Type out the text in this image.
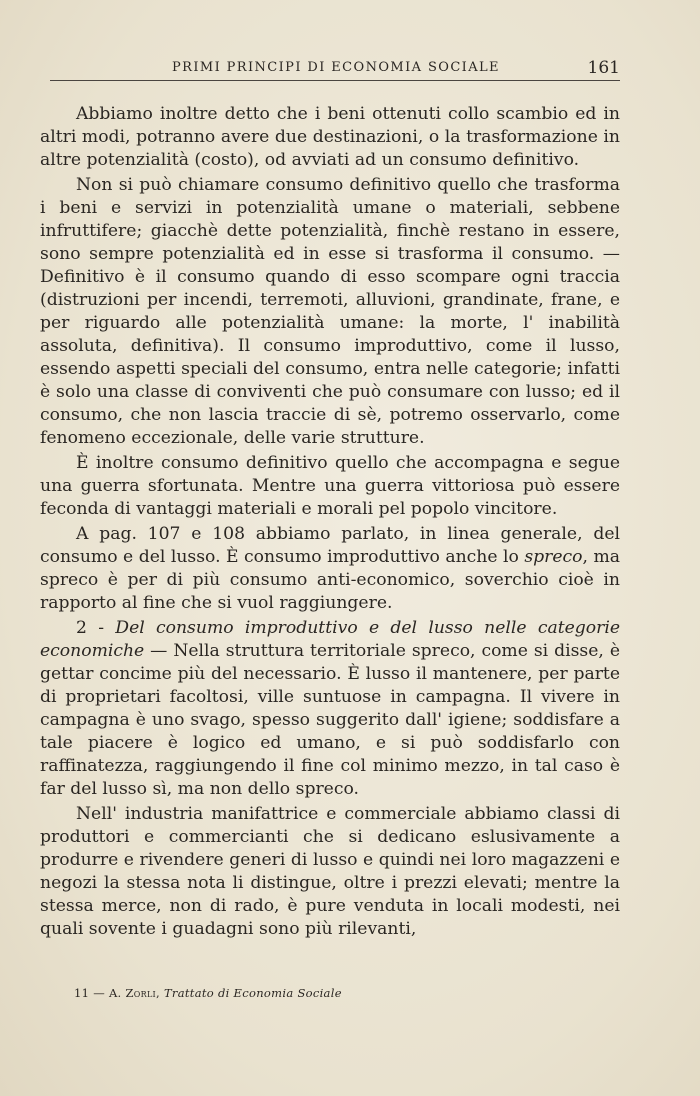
PRIMI PRINCIPI DI ECONOMIA SOCIALE	161

Abbiamo inoltre detto che i beni ottenuti collo scambio ed in altri modi, potranno avere due destinazioni, o la trasformazione in altre potenzialità (costo), od avviati ad un consumo definitivo.

Non si può chiamare consumo definitivo quello che trasforma i beni e servizi in potenzialità umane o materiali, sebbene infruttifere; giacchè dette potenzialità, finchè restano in essere, sono sempre potenzialità ed in esse si trasforma il consumo. — Definitivo è il consumo quando di esso scompare ogni traccia (distruzioni per incendi, terremoti, alluvioni, grandinate, frane, e per riguardo alle potenzialità umane: la morte, l' inabilità assoluta, definitiva). Il consumo improduttivo, come il lusso, essendo aspetti speciali del consumo, entra nelle categorie; infatti è solo una classe di conviventi che può consumare con lusso; ed il consumo, che non lascia traccie di sè, potremo osservarlo, come fenomeno eccezionale, delle varie strutture.

È inoltre consumo definitivo quello che accompagna e segue una guerra sfortunata. Mentre una guerra vittoriosa può essere feconda di vantaggi materiali e morali pel popolo vincitore.

A pag. 107 e 108 abbiamo parlato, in linea generale, del consumo e del lusso. È consumo improduttivo anche lo spreco, ma spreco è per di più consumo anti-economico, soverchio cioè in rapporto al fine che si vuol raggiungere.

2 - Del consumo improduttivo e del lusso nelle categorie economiche — Nella struttura territoriale spreco, come si disse, è gettar concime più del necessario. È lusso il mantenere, per parte di proprietari facoltosi, ville suntuose in campagna. Il vivere in campagna è uno svago, spesso suggerito dall' igiene; soddisfare a tale piacere è logico ed umano, e si può soddisfarlo con raffinatezza, raggiungendo il fine col minimo mezzo, in tal caso è far del lusso sì, ma non dello spreco.

Nell' industria manifattrice e commerciale abbiamo classi di produttori e commercianti che si dedicano eslusivamente a produrre e rivendere generi di lusso e quindi nei loro magazzeni e negozi la stessa nota li distingue, oltre i prezzi elevati; mentre la stessa merce, non di rado, è pure venduta in locali modesti, nei quali sovente i guadagni sono più rilevanti,

11 — A. Zorli, Trattato di Economia Sociale
